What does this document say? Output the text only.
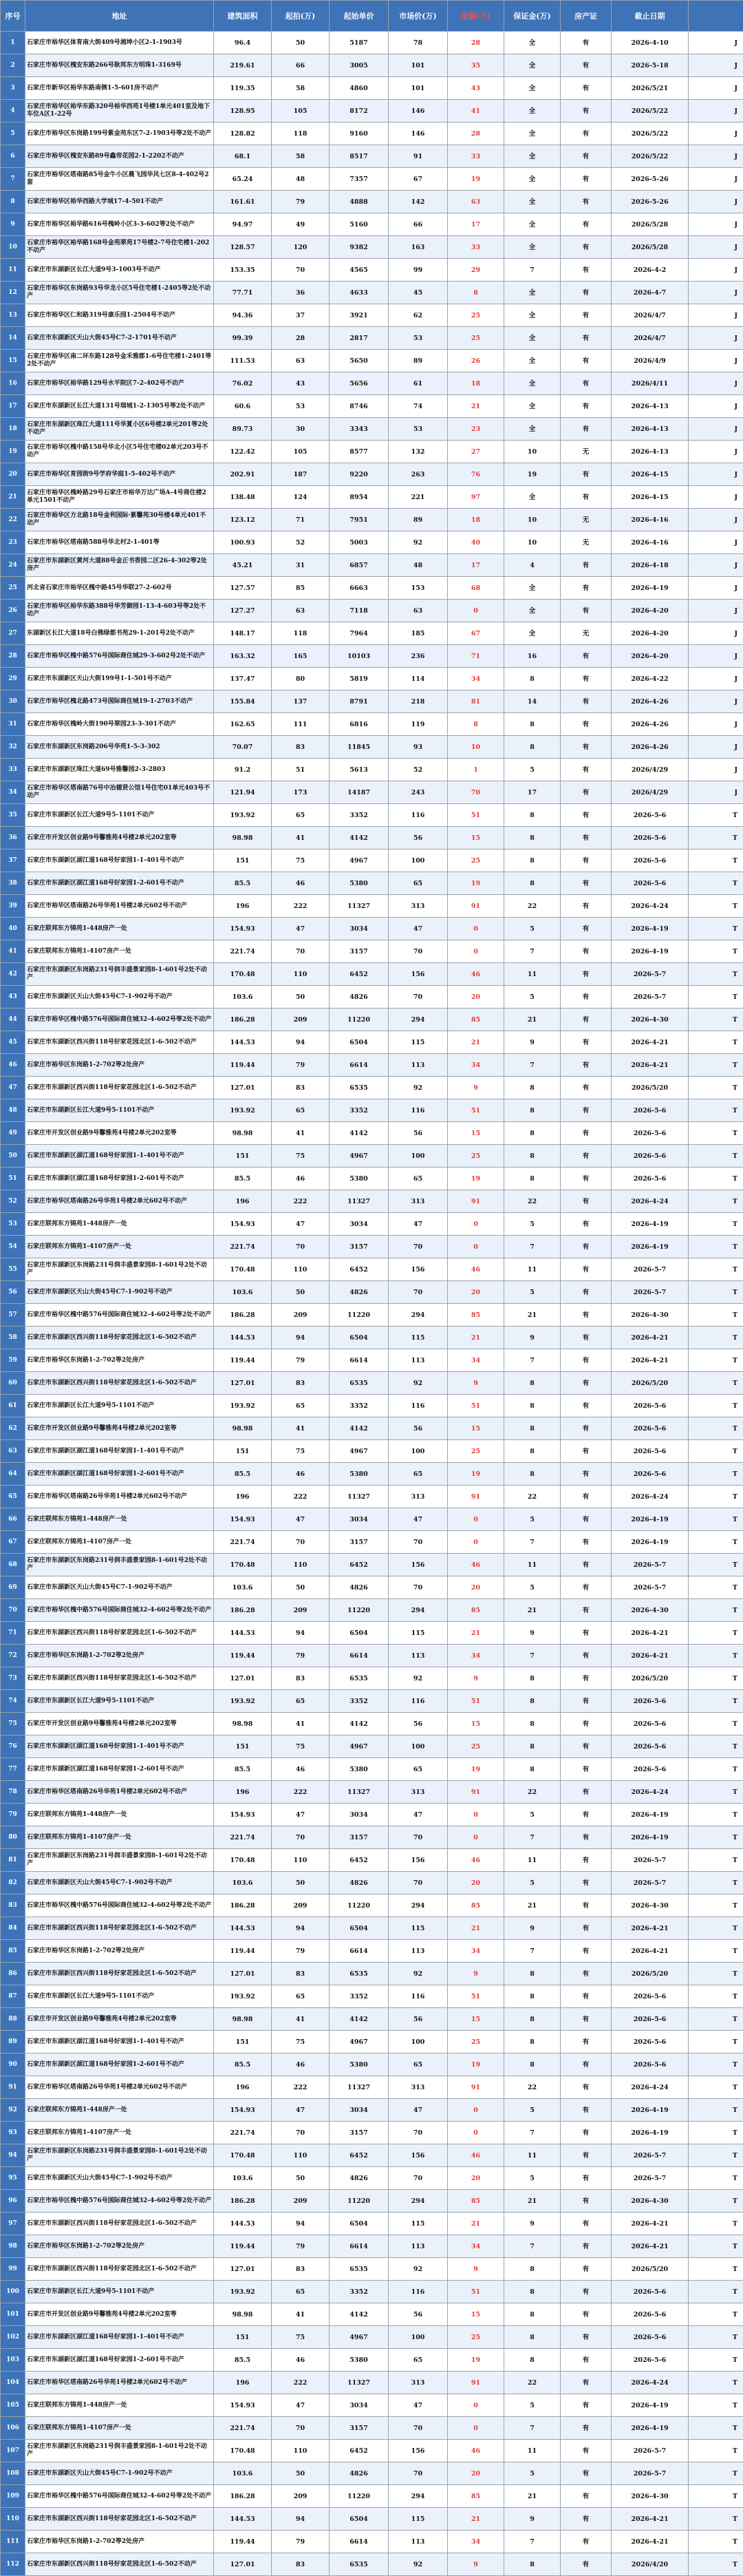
序号	地址	建筑面积	起拍(万)	起始单价	市场价(万)	捡漏(万)	保证金(万)	房产证	截止日期	
1	石家庄市裕华区体育南大街409号湘坤小区2-1-1903号	96.4	50	5187	78	28	全	有	2026-4-10	J
2	石家庄市裕华区槐安东路266号耿邦东方明珠1-3169号	219.61	66	3005	101	35	全	有	2026-5-18	J
3	石家庄市新华区裕华东路南侧1-5-601房不动产	119.35	58	4860	101	43	全	有	2026/5/21	J
4	石家庄市裕华区裕华东路320号裕华西苑1号楼1单元401室及地下车位A区1-22号	128.95	105	8172	146	41	全	有	2026/5/22	J
5	石家庄市裕华区东岗路199号紫金苑东区7-2-1903号等2处不动产	128.82	118	9160	146	28	全	有	2026/5/22	J
6	石家庄市裕华区槐安东路89号鑫帝花园2-1-2202不动产	68.1	58	8517	91	33	全	有	2026/5/22	J
7	石家庄市裕华区塔南路85号金牛小区晨飞园华风七区8-4-402号2套	65.24	48	7357	67	19	全	有	2026-5-26	J
8	石家庄市裕华区裕华西路大学城17-4-501不动产	161.61	79	4888	142	63	全	有	2026-5-26	J
9	石家庄市裕华区裕华路616号槐岭小区3-3-602等2处不动产	94.97	49	5160	66	17	全	有	2026/5/28	J
10	石家庄市裕华区裕华路168号金苑翠苑17号楼2-7号住宅楼1-202不动产	128.57	120	9382	163	33	全	有	2026/5/28	J
11	石家庄市东湖新区长江大道9号3-1003号不动产	153.35	70	4565	99	29	7	有	2026-4-2	J
12	石家庄市裕华区东岗路93号华龙小区5号住宅楼1-2405等2处不动产	77.71	36	4633	45	8	全	有	2026-4-7	J
13	石家庄市裕华区仁和路319号康乐园1-2504号不动产	94.36	37	3921	62	25	全	有	2026/4/7	J
14	石家庄市东湖新区天山大街45号C7-2-1701号不动产	99.39	28	2817	53	25	全	有	2026/4/7	J
15	石家庄市裕华区南二环东路128号金禾雅郡1-6号住宅楼1-2401等2处不动产	111.53	63	5650	89	26	全	有	2026/4/9	J
16	石家庄市裕华区裕华路129号水平院区7-2-402号不动产	76.02	43	5656	61	18	全	有	2026/4/11	J
17	石家庄市东湖新区长江大道131号瑞城1-2-1305号等2处不动产	60.6	53	8746	74	21	全	有	2026-4-13	J
18	石家庄市东湖新区珠江大道111号华夏小区6号楼2单元201等2处不动产	89.73	30	3343	53	23	全	有	2026-4-13	J
19	石家庄市裕华区槐中路158号华北小区5号住宅楼02单元203号不动产	122.42	105	8577	132	27	10	无	2026-4-13	J
20	石家庄市裕华区育园街9号学府华庭1-5-402号不动产	202.91	187	9220	263	76	19	有	2026-4-15	J
21	石家庄市裕华区槐岭路29号石家庄市裕华万达广场A-4号商住楼2单元1501不动产	138.48	124	8954	221	97	全	有	2026-4-15	J
22	石家庄市裕华区方北路18号金利国际·紫馨苑30号楼4单元401不动产	123.12	71	7951	89	18	10	无	2026-4-16	J
23	石家庄市裕华区塔南路588号华北村2-1-401等	100.93	52	5003	92	40	10	无	2026-4-16	J
24	石家庄市东湖新区黄河大道88号金正书香园二区26-4-302等2处房产	45.21	31	6857	48	17	4	有	2026-4-18	J
25	河北省石家庄市裕华区槐中路45号华联27-2-602号	127.57	85	6663	153	68	全	有	2026-4-19	J
26	石家庄市裕华区裕华东路388号华芳御园1-13-4-603号等2处不动产	127.27	63	7118	63	0	全	有	2026-4-20	J
27	东湖新区长江大道18号白佛绿都书苑29-1-201号2处不动产	148.17	118	7964	185	67	全	无	2026-4-20	J
28	石家庄市裕华区槐中路576号国际商住城29-3-602号2处不动产	163.32	165	10103	236	71	16	有	2026-4-20	J
29	石家庄市东湖新区天山大街199号1-1-501号不动产	137.47	80	5819	114	34	8	有	2026-4-22	J
30	石家庄市裕华区槐北路473号国际商住城19-1-2703不动产	155.84	137	8791	218	81	14	有	2026-4-26	J
31	石家庄市裕华区槐岭大街190号翠园23-3-301不动产	162.65	111	6816	119	8	8	有	2026-4-26	J
32	石家庄市东湖新区东岗路206号华苑1-5-3-302	70.07	83	11845	93	10	8	有	2026-4-26	J
33	石家庄市东湖新区珠江大道69号雅馨园2-3-2803	91.2	51	5613	52	1	5	有	2026/4/29	J
34	石家庄市裕华区塔南路76号中冶德贤公馆1号住宅01单元403号不动产	121.94	173	14187	243	70	17	有	2026/4/29	J
35	石家庄市东湖新区长江大道9号5-1101不动产	193.92	65	3352	116	51	8	有	2026-5-6	T
36	石家庄市开发区创业路9号馨雅苑4号楼2单元202室等	98.98	41	4142	56	15	8	有	2026-5-6	T
37	石家庄市东湖新区湖江道168号好家园1-1-401号不动产	151	75	4967	100	25	8	有	2026-5-6	T
38	石家庄市东湖新区湖江道168号好家园1-2-601号不动产	85.5	46	5380	65	19	8	有	2026-5-6	T
39	石家庄市裕华区塔南路26号华苑1号楼2单元602号不动产	196	222	11327	313	91	22	有	2026-4-24	T
40	石家庄联邦东方锦苑1-448房产一处	154.93	47	3034	47	0	5	有	2026-4-19	T
41	石家庄联邦东方锦苑1-4107房产一处	221.74	70	3157	70	0	7	有	2026-4-19	T
42	石家庄市东湖新区东岗路231号润丰盛景家园8-1-601号2处不动产	170.48	110	6452	156	46	11	有	2026-5-7	T
43	石家庄市东湖新区天山大街45号C7-1-902号不动产	103.6	50	4826	70	20	5	有	2026-5-7	T
44	石家庄市裕华区槐中路576号国际商住城32-4-602号等2处不动产	186.28	209	11220	294	85	21	有	2026-4-30	T
45	石家庄市东湖新区西兴街118号好家花园北区1-6-502不动产	144.53	94	6504	115	21	9	有	2026-4-21	T
46	石家庄市裕华区东岗路1-2-702等2处房产	119.44	79	6614	113	34	7	有	2026-4-21	T
47	石家庄市东湖新区西兴街118号好家花园北区1-6-502不动产	127.01	83	6535	92	9	8	有	2026/5/20	T
48	石家庄市东湖新区长江大道9号5-1101不动产	193.92	65	3352	116	51	8	有	2026-5-6	T
49	石家庄市开发区创业路9号馨雅苑4号楼2单元202室等	98.98	41	4142	56	15	8	有	2026-5-6	T
50	石家庄市东湖新区湖江道168号好家园1-1-401号不动产	151	75	4967	100	25	8	有	2026-5-6	T
51	石家庄市东湖新区湖江道168号好家园1-2-601号不动产	85.5	46	5380	65	19	8	有	2026-5-6	T
52	石家庄市裕华区塔南路26号华苑1号楼2单元602号不动产	196	222	11327	313	91	22	有	2026-4-24	T
53	石家庄联邦东方锦苑1-448房产一处	154.93	47	3034	47	0	5	有	2026-4-19	T
54	石家庄联邦东方锦苑1-4107房产一处	221.74	70	3157	70	0	7	有	2026-4-19	T
55	石家庄市东湖新区东岗路231号润丰盛景家园8-1-601号2处不动产	170.48	110	6452	156	46	11	有	2026-5-7	T
56	石家庄市东湖新区天山大街45号C7-1-902号不动产	103.6	50	4826	70	20	5	有	2026-5-7	T
57	石家庄市裕华区槐中路576号国际商住城32-4-602号等2处不动产	186.28	209	11220	294	85	21	有	2026-4-30	T
58	石家庄市东湖新区西兴街118号好家花园北区1-6-502不动产	144.53	94	6504	115	21	9	有	2026-4-21	T
59	石家庄市裕华区东岗路1-2-702等2处房产	119.44	79	6614	113	34	7	有	2026-4-21	T
60	石家庄市东湖新区西兴街118号好家花园北区1-6-502不动产	127.01	83	6535	92	9	8	有	2026/5/20	T
61	石家庄市东湖新区长江大道9号5-1101不动产	193.92	65	3352	116	51	8	有	2026-5-6	T
62	石家庄市开发区创业路9号馨雅苑4号楼2单元202室等	98.98	41	4142	56	15	8	有	2026-5-6	T
63	石家庄市东湖新区湖江道168号好家园1-1-401号不动产	151	75	4967	100	25	8	有	2026-5-6	T
64	石家庄市东湖新区湖江道168号好家园1-2-601号不动产	85.5	46	5380	65	19	8	有	2026-5-6	T
65	石家庄市裕华区塔南路26号华苑1号楼2单元602号不动产	196	222	11327	313	91	22	有	2026-4-24	T
66	石家庄联邦东方锦苑1-448房产一处	154.93	47	3034	47	0	5	有	2026-4-19	T
67	石家庄联邦东方锦苑1-4107房产一处	221.74	70	3157	70	0	7	有	2026-4-19	T
68	石家庄市东湖新区东岗路231号润丰盛景家园8-1-601号2处不动产	170.48	110	6452	156	46	11	有	2026-5-7	T
69	石家庄市东湖新区天山大街45号C7-1-902号不动产	103.6	50	4826	70	20	5	有	2026-5-7	T
70	石家庄市裕华区槐中路576号国际商住城32-4-602号等2处不动产	186.28	209	11220	294	85	21	有	2026-4-30	T
71	石家庄市东湖新区西兴街118号好家花园北区1-6-502不动产	144.53	94	6504	115	21	9	有	2026-4-21	T
72	石家庄市裕华区东岗路1-2-702等2处房产	119.44	79	6614	113	34	7	有	2026-4-21	T
73	石家庄市东湖新区西兴街118号好家花园北区1-6-502不动产	127.01	83	6535	92	9	8	有	2026/5/20	T
74	石家庄市东湖新区长江大道9号5-1101不动产	193.92	65	3352	116	51	8	有	2026-5-6	T
75	石家庄市开发区创业路9号馨雅苑4号楼2单元202室等	98.98	41	4142	56	15	8	有	2026-5-6	T
76	石家庄市东湖新区湖江道168号好家园1-1-401号不动产	151	75	4967	100	25	8	有	2026-5-6	T
77	石家庄市东湖新区湖江道168号好家园1-2-601号不动产	85.5	46	5380	65	19	8	有	2026-5-6	T
78	石家庄市裕华区塔南路26号华苑1号楼2单元602号不动产	196	222	11327	313	91	22	有	2026-4-24	T
79	石家庄联邦东方锦苑1-448房产一处	154.93	47	3034	47	0	5	有	2026-4-19	T
80	石家庄联邦东方锦苑1-4107房产一处	221.74	70	3157	70	0	7	有	2026-4-19	T
81	石家庄市东湖新区东岗路231号润丰盛景家园8-1-601号2处不动产	170.48	110	6452	156	46	11	有	2026-5-7	T
82	石家庄市东湖新区天山大街45号C7-1-902号不动产	103.6	50	4826	70	20	5	有	2026-5-7	T
83	石家庄市裕华区槐中路576号国际商住城32-4-602号等2处不动产	186.28	209	11220	294	85	21	有	2026-4-30	T
84	石家庄市东湖新区西兴街118号好家花园北区1-6-502不动产	144.53	94	6504	115	21	9	有	2026-4-21	T
85	石家庄市裕华区东岗路1-2-702等2处房产	119.44	79	6614	113	34	7	有	2026-4-21	T
86	石家庄市东湖新区西兴街118号好家花园北区1-6-502不动产	127.01	83	6535	92	9	8	有	2026/5/20	T
87	石家庄市东湖新区长江大道9号5-1101不动产	193.92	65	3352	116	51	8	有	2026-5-6	T
88	石家庄市开发区创业路9号馨雅苑4号楼2单元202室等	98.98	41	4142	56	15	8	有	2026-5-6	T
89	石家庄市东湖新区湖江道168号好家园1-1-401号不动产	151	75	4967	100	25	8	有	2026-5-6	T
90	石家庄市东湖新区湖江道168号好家园1-2-601号不动产	85.5	46	5380	65	19	8	有	2026-5-6	T
91	石家庄市裕华区塔南路26号华苑1号楼2单元602号不动产	196	222	11327	313	91	22	有	2026-4-24	T
92	石家庄联邦东方锦苑1-448房产一处	154.93	47	3034	47	0	5	有	2026-4-19	T
93	石家庄联邦东方锦苑1-4107房产一处	221.74	70	3157	70	0	7	有	2026-4-19	T
94	石家庄市东湖新区东岗路231号润丰盛景家园8-1-601号2处不动产	170.48	110	6452	156	46	11	有	2026-5-7	T
95	石家庄市东湖新区天山大街45号C7-1-902号不动产	103.6	50	4826	70	20	5	有	2026-5-7	T
96	石家庄市裕华区槐中路576号国际商住城32-4-602号等2处不动产	186.28	209	11220	294	85	21	有	2026-4-30	T
97	石家庄市东湖新区西兴街118号好家花园北区1-6-502不动产	144.53	94	6504	115	21	9	有	2026-4-21	T
98	石家庄市裕华区东岗路1-2-702等2处房产	119.44	79	6614	113	34	7	有	2026-4-21	T
99	石家庄市东湖新区西兴街118号好家花园北区1-6-502不动产	127.01	83	6535	92	9	8	有	2026/5/20	T
100	石家庄市东湖新区长江大道9号5-1101不动产	193.92	65	3352	116	51	8	有	2026-5-6	T
101	石家庄市开发区创业路9号馨雅苑4号楼2单元202室等	98.98	41	4142	56	15	8	有	2026-5-6	T
102	石家庄市东湖新区湖江道168号好家园1-1-401号不动产	151	75	4967	100	25	8	有	2026-5-6	T
103	石家庄市东湖新区湖江道168号好家园1-2-601号不动产	85.5	46	5380	65	19	8	有	2026-5-6	T
104	石家庄市裕华区塔南路26号华苑1号楼2单元602号不动产	196	222	11327	313	91	22	有	2026-4-24	T
105	石家庄联邦东方锦苑1-448房产一处	154.93	47	3034	47	0	5	有	2026-4-19	T
106	石家庄联邦东方锦苑1-4107房产一处	221.74	70	3157	70	0	7	有	2026-4-19	T
107	石家庄市东湖新区东岗路231号润丰盛景家园8-1-601号2处不动产	170.48	110	6452	156	46	11	有	2026-5-7	T
108	石家庄市东湖新区天山大街45号C7-1-902号不动产	103.6	50	4826	70	20	5	有	2026-5-7	T
109	石家庄市裕华区槐中路576号国际商住城32-4-602号等2处不动产	186.28	209	11220	294	85	21	有	2026-4-30	T
110	石家庄市东湖新区西兴街118号好家花园北区1-6-502不动产	144.53	94	6504	115	21	9	有	2026-4-21	T
111	石家庄市裕华区东岗路1-2-702等2处房产	119.44	79	6614	113	34	7	有	2026-4-21	T
112	石家庄市东湖新区西兴街118号好家花园北区1-6-502不动产	127.01	83	6535	92	9	8	有	2026/4/20	T
